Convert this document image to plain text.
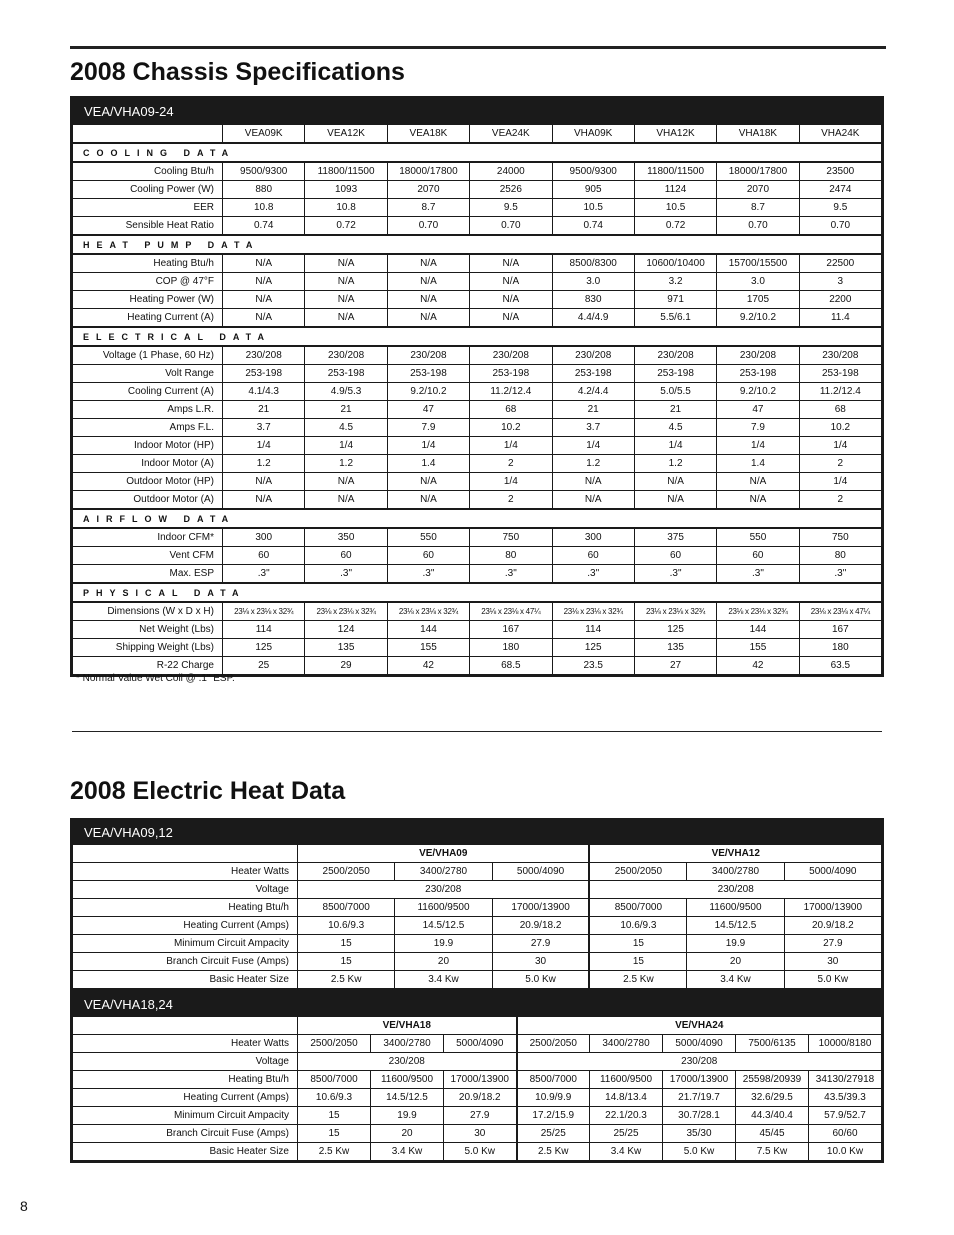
2008 Chassis Specifications
VEA/VHA09-24
	VEA09K	VEA12K	VEA18K	VEA24K	VHA09K	VHA12K	VHA18K	VHA24K
COOLING DATA								
Cooling Btu/h	9500/9300	11800/11500	18000/17800	24000	9500/9300	11800/11500	18000/17800	23500
Cooling Power (W)	880	1093	2070	2526	905	1124	2070	2474
EER	10.8	10.8	8.7	9.5	10.5	10.5	8.7	9.5
Sensible Heat Ratio	0.74	0.72	0.70	0.70	0.74	0.72	0.70	0.70
HEAT PUMP DATA								
Heating Btu/h	N/A	N/A	N/A	N/A	8500/8300	10600/10400	15700/15500	22500
COP @ 47°F	N/A	N/A	N/A	N/A	3.0	3.2	3.0	3
Heating Power (W)	N/A	N/A	N/A	N/A	830	971	1705	2200
Heating Current (A)	N/A	N/A	N/A	N/A	4.4/4.9	5.5/6.1	9.2/10.2	11.4
ELECTRICAL DATA								
Voltage (1 Phase, 60 Hz)	230/208	230/208	230/208	230/208	230/208	230/208	230/208	230/208
Volt Range	253-198	253-198	253-198	253-198	253-198	253-198	253-198	253-198
Cooling Current (A)	4.1/4.3	4.9/5.3	9.2/10.2	11.2/12.4	4.2/4.4	5.0/5.5	9.2/10.2	11.2/12.4
Amps L.R.	21	21	47	68	21	21	47	68
Amps F.L.	3.7	4.5	7.9	10.2	3.7	4.5	7.9	10.2
Indoor Motor (HP)	1/4	1/4	1/4	1/4	1/4	1/4	1/4	1/4
Indoor Motor (A)	1.2	1.2	1.4	2	1.2	1.2	1.4	2
Outdoor Motor (HP)	N/A	N/A	N/A	1/4	N/A	N/A	N/A	1/4
Outdoor Motor (A)	N/A	N/A	N/A	2	N/A	N/A	N/A	2
AIRFLOW DATA								
Indoor CFM*	300	350	550	750	300	375	550	750
Vent CFM	60	60	60	80	60	60	60	80
Max. ESP	.3"	.3"	.3"	.3"	.3"	.3"	.3"	.3"
PHYSICAL DATA								
Dimensions (W x D x H)	23⅛ x 23⅛ x 32¾	23⅛ x 23⅛ x 32¾	23⅛ x 23⅛ x 32¾	23⅛ x 23⅛ x 47¼	23⅛ x 23⅛ x 32¾	23⅛ x 23⅛ x 32¾	23⅛ x 23⅛ x 32¾	23⅛ x 23⅛ x 47¼
Net Weight (Lbs)	114	124	144	167	114	125	144	167
Shipping Weight (Lbs)	125	135	155	180	125	135	155	180
R-22 Charge	25	29	42	68.5	23.5	27	42	63.5
* Normal Value Wet Coil @ .1" ESP.
2008 Electric Heat Data
VEA/VHA09,12
	VE/VHA09			VE/VHA12		
Heater Watts	2500/2050	3400/2780	5000/4090	2500/2050	3400/2780	5000/4090
Voltage	230/208			230/208		
Heating Btu/h	8500/7000	11600/9500	17000/13900	8500/7000	11600/9500	17000/13900
Heating Current (Amps)	10.6/9.3	14.5/12.5	20.9/18.2	10.6/9.3	14.5/12.5	20.9/18.2
Minimum Circuit Ampacity	15	19.9	27.9	15	19.9	27.9
Branch Circuit Fuse (Amps)	15	20	30	15	20	30
Basic Heater Size	2.5 Kw	3.4 Kw	5.0 Kw	2.5 Kw	3.4 Kw	5.0 Kw
VEA/VHA18,24
	VE/VHA18			VE/VHA24				
Heater Watts	2500/2050	3400/2780	5000/4090	2500/2050	3400/2780	5000/4090	7500/6135	10000/8180
Voltage	230/208			230/208				
Heating Btu/h	8500/7000	11600/9500	17000/13900	8500/7000	11600/9500	17000/13900	25598/20939	34130/27918
Heating Current (Amps)	10.6/9.3	14.5/12.5	20.9/18.2	10.9/9.9	14.8/13.4	21.7/19.7	32.6/29.5	43.5/39.3
Minimum Circuit Ampacity	15	19.9	27.9	17.2/15.9	22.1/20.3	30.7/28.1	44.3/40.4	57.9/52.7
Branch Circuit Fuse (Amps)	15	20	30	25/25	25/25	35/30	45/45	60/60
Basic Heater Size	2.5 Kw	3.4 Kw	5.0 Kw	2.5 Kw	3.4 Kw	5.0 Kw	7.5 Kw	10.0 Kw
8
